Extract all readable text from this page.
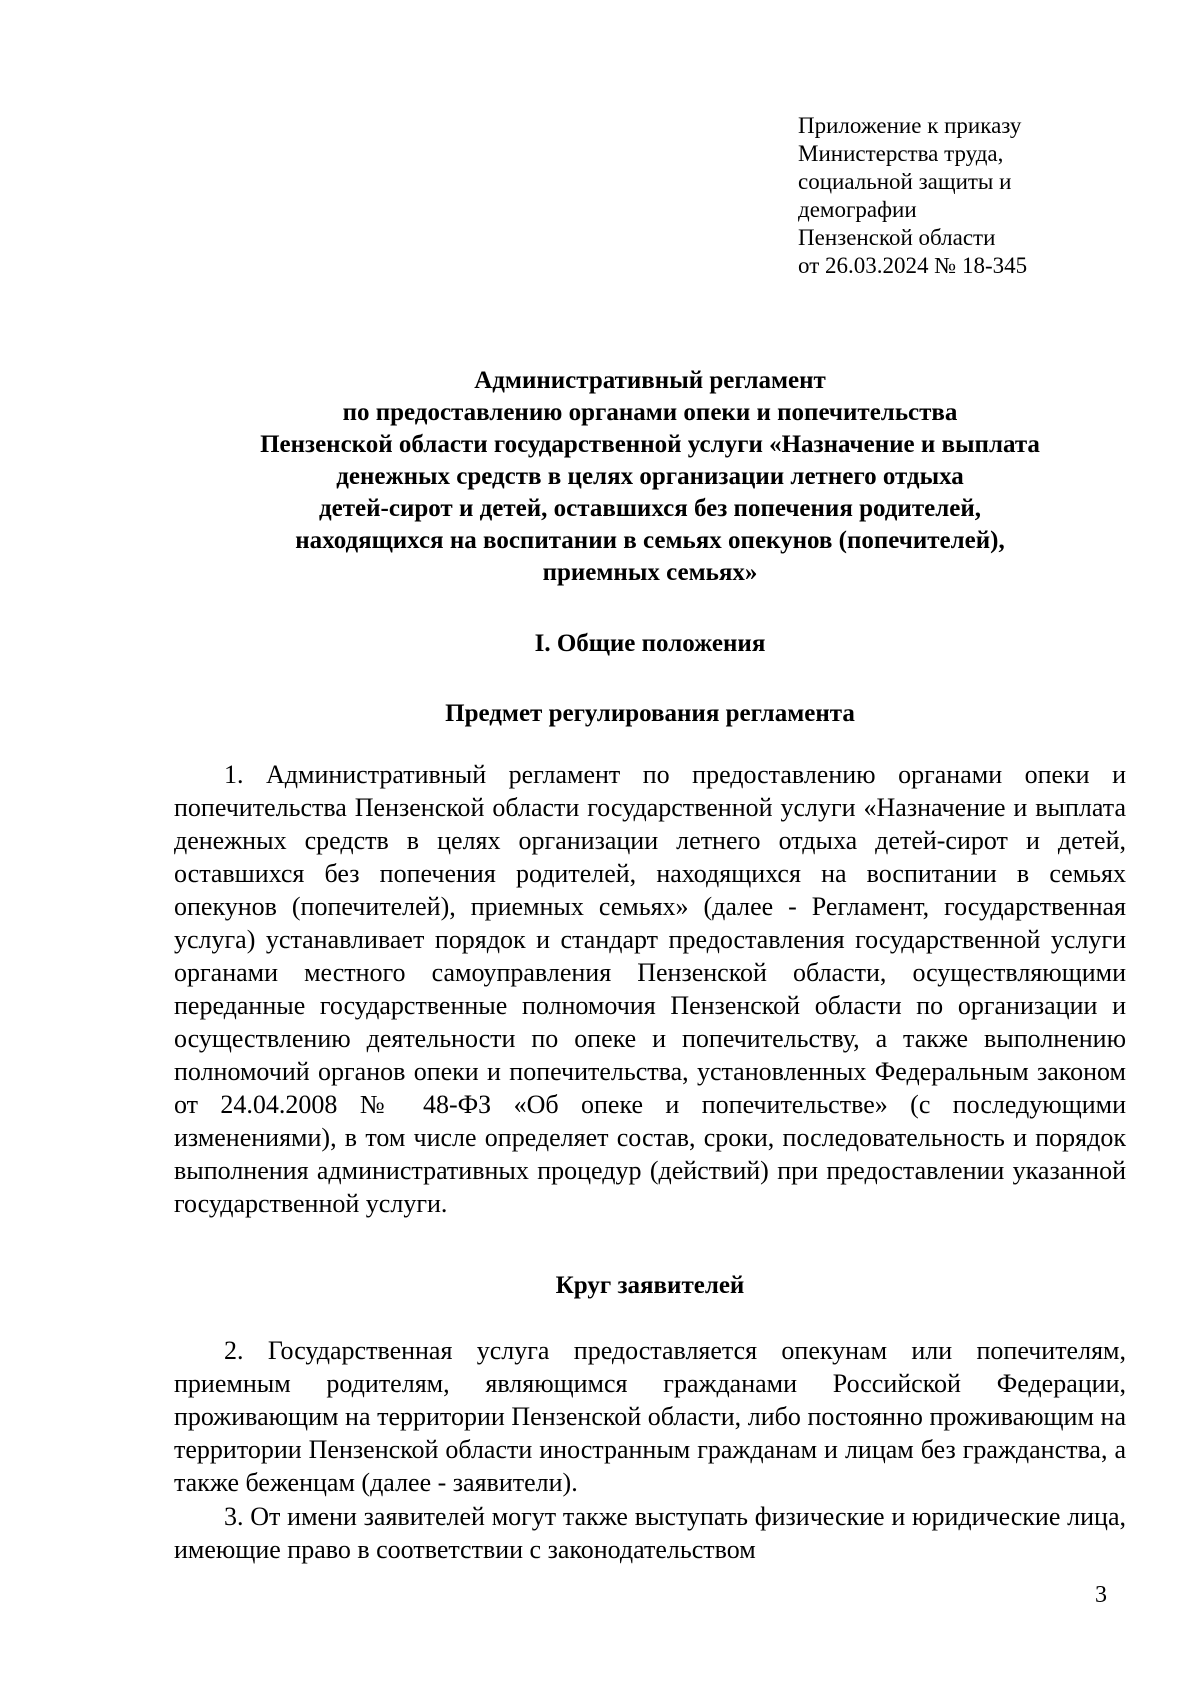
Приложение к приказу
Министерства труда,
социальной защиты и
демографии
Пензенской области
от 26.03.2024 № 18-345
Административный регламент
по предоставлению органами опеки и попечительства
Пензенской области государственной услуги «Назначение и выплата
денежных средств в целях организации летнего отдыха
детей-сирот и детей, оставшихся без попечения родителей,
находящихся на воспитании в семьях опекунов (попечителей),
приемных семьях»
I. Общие положения
Предмет регулирования регламента

1. Административный регламент по предоставлению органами опеки и попечительства Пензенской области государственной услуги «Назначение и выплата денежных средств в целях организации летнего отдыха детей-сирот и детей, оставшихся без попечения родителей, находящихся на воспитании в семьях опекунов (попечителей), приемных семьях» (далее - Регламент, государственная услуга) устанавливает порядок и стандарт предоставления государственной услуги органами местного самоуправления Пензенской области, осуществляющими переданные государственные полномочия Пензенской области по организации и осуществлению деятельности по опеке и попечительству, а также выполнению полномочий органов опеки и попечительства, установленных Федеральным законом от 24.04.2008 № 48-ФЗ «Об опеке и попечительстве» (с последующими изменениями), в том числе определяет состав, сроки, последовательность и порядок выполнения административных процедур (действий) при предоставлении указанной государственной услуги.

Круг заявителей

2. Государственная услуга предоставляется опекунам или попечителям, приемным родителям, являющимся гражданами Российской Федерации, проживающим на территории Пензенской области, либо постоянно проживающим на территории Пензенской области иностранным гражданам и лицам без гражданства, а также беженцам (далее - заявители).

3. От имени заявителей могут также выступать физические и юридические лица, имеющие право в соответствии с законодательством

3
